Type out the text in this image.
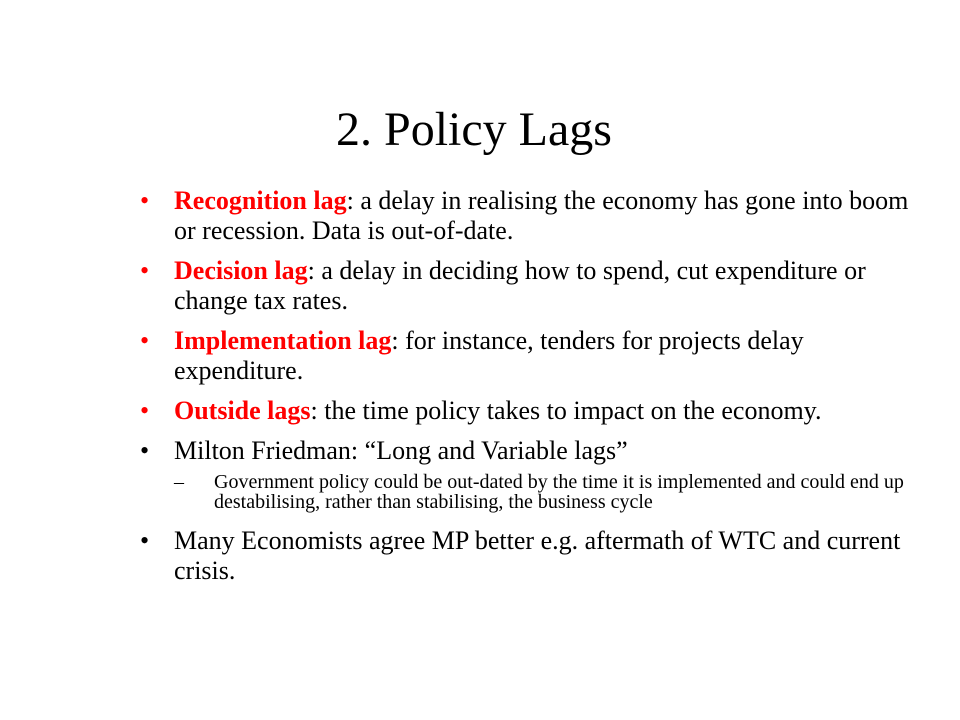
2. Policy Lags
• Recognition lag: a delay in realising the economy has gone into boom or recession. Data is out-of-date.
• Decision lag: a delay in deciding how to spend, cut expenditure or change tax rates.
• Implementation lag: for instance, tenders for projects delay expenditure.
• Outside lags: the time policy takes to impact on the economy.
• Milton Friedman: “Long and Variable lags”
– Government policy could be out-dated by the time it is implemented and could end up destabilising, rather than stabilising, the business cycle
• Many Economists agree MP better e.g. aftermath of WTC and current crisis.
